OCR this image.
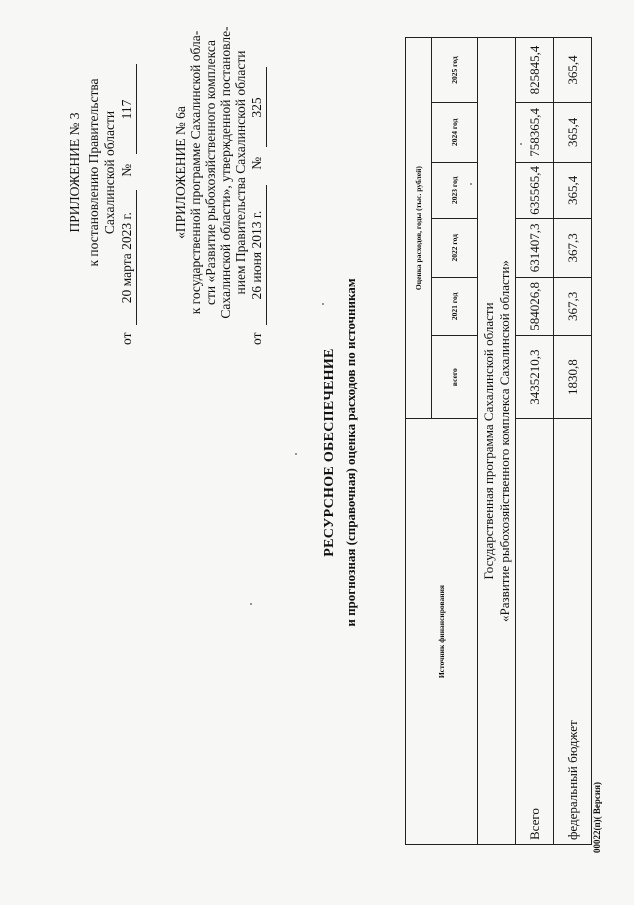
ПРИЛОЖЕНИЕ № 3 к постановлению Правительства Сахалинской области
от 20 марта 2023 г. № 117	«ПРИЛОЖЕНИЕ № 6а к государственной программе Сахалинской обла- сти «Развитие рыбохозяйственного комплекса Сахалинской области», утвержденной постановле- нием Правительства Сахалинской области
от 26 июня 2013 г. № 325
РЕСУРСНОЕ ОБЕСПЕЧЕНИЕ и прогнозная (справочная) оценка расходов по источникам
Источник финансирования	Оценка расходов, годы (тыс. рублей)					
	всего	2021 год	2022 год	2023 год	2024 год	2025 год

Государственная программа Сахалинской области «Развитие рыбохозяйственного комплекса Сахалинской области»						

Всего	3435210,3	584026,8	631407,3	635565,4	758365,4	825845,4
федеральный бюджет	1830,8	367,3	367,3	365,4	365,4	365,4
00022(п)( Версия)
